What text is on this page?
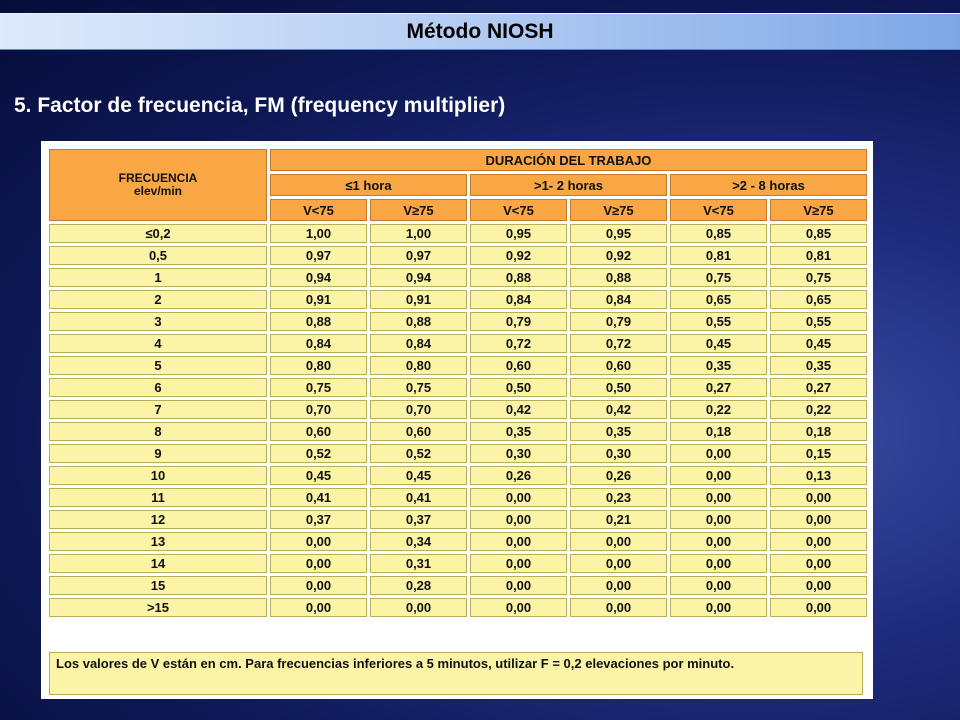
Método NIOSH
5. Factor de frecuencia, FM (frequency multiplier)
FRECUENCIA
elev/min	DURACIÓN DEL TRABAJO					
	≤1 hora		>1- 2 horas		>2 - 8 horas	
	V<75	V≥75	V<75	V≥75	V<75	V≥75
≤0,2	1,00	1,00	0,95	0,95	0,85	0,85
0,5	0,97	0,97	0,92	0,92	0,81	0,81
1	0,94	0,94	0,88	0,88	0,75	0,75
2	0,91	0,91	0,84	0,84	0,65	0,65
3	0,88	0,88	0,79	0,79	0,55	0,55
4	0,84	0,84	0,72	0,72	0,45	0,45
5	0,80	0,80	0,60	0,60	0,35	0,35
6	0,75	0,75	0,50	0,50	0,27	0,27
7	0,70	0,70	0,42	0,42	0,22	0,22
8	0,60	0,60	0,35	0,35	0,18	0,18
9	0,52	0,52	0,30	0,30	0,00	0,15
10	0,45	0,45	0,26	0,26	0,00	0,13
11	0,41	0,41	0,00	0,23	0,00	0,00
12	0,37	0,37	0,00	0,21	0,00	0,00
13	0,00	0,34	0,00	0,00	0,00	0,00
14	0,00	0,31	0,00	0,00	0,00	0,00
15	0,00	0,28	0,00	0,00	0,00	0,00
>15	0,00	0,00	0,00	0,00	0,00	0,00
Los valores de V están en cm. Para frecuencias inferiores a 5 minutos, utilizar F = 0,2 elevaciones por minuto.
